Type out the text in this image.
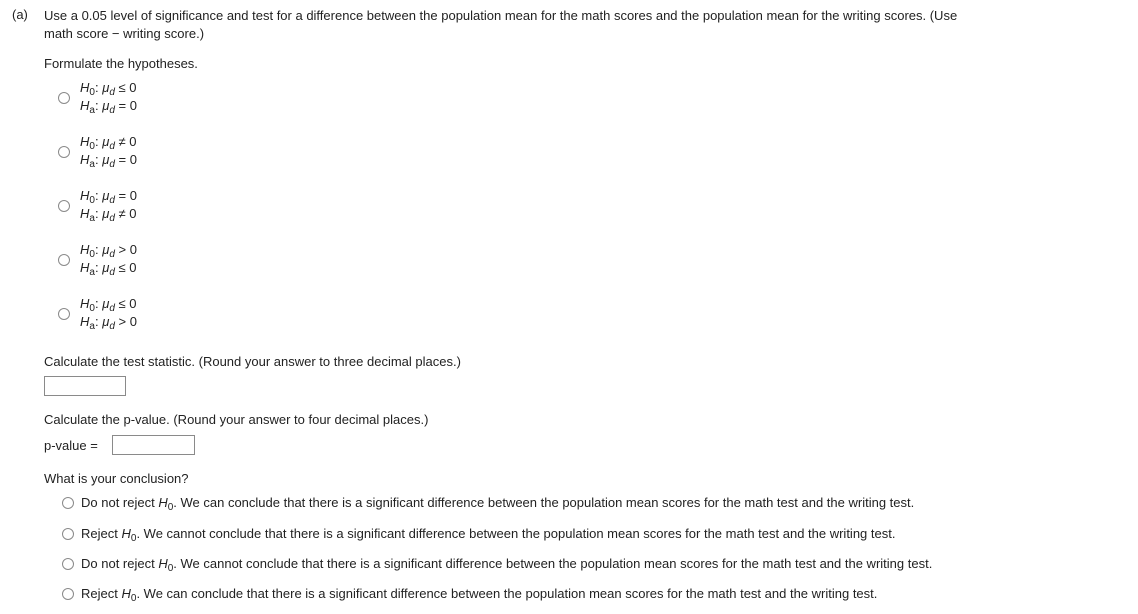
(a) Use a 0.05 level of significance and test for a difference between the population mean for the math scores and the population mean for the writing scores. (Use
math score − writing score.)
Formulate the hypotheses.
$H_0$: $\mu_d \le 0$
$H_a$: $\mu_d = 0$
$H_0$: $\mu_d \ne 0$
$H_a$: $\mu_d = 0$
$H_0$: $\mu_d = 0$
$H_a$: $\mu_d \ne 0$
$H_0$: $\mu_d > 0$
$H_a$: $\mu_d \le 0$
$H_0$: $\mu_d \le 0$
$H_a$: $\mu_d > 0$
Calculate the test statistic. (Round your answer to three decimal places.)
Calculate the p-value. (Round your answer to four decimal places.)
p-value =
What is your conclusion?
Do not reject $H_0$. We can conclude that there is a significant difference between the population mean scores for the math test and the writing test.
Reject $H_0$. We cannot conclude that there is a significant difference between the population mean scores for the math test and the writing test.
Do not reject $H_0$. We cannot conclude that there is a significant difference between the population mean scores for the math test and the writing test.
Reject $H_0$. We can conclude that there is a significant difference between the population mean scores for the math test and the writing test.
